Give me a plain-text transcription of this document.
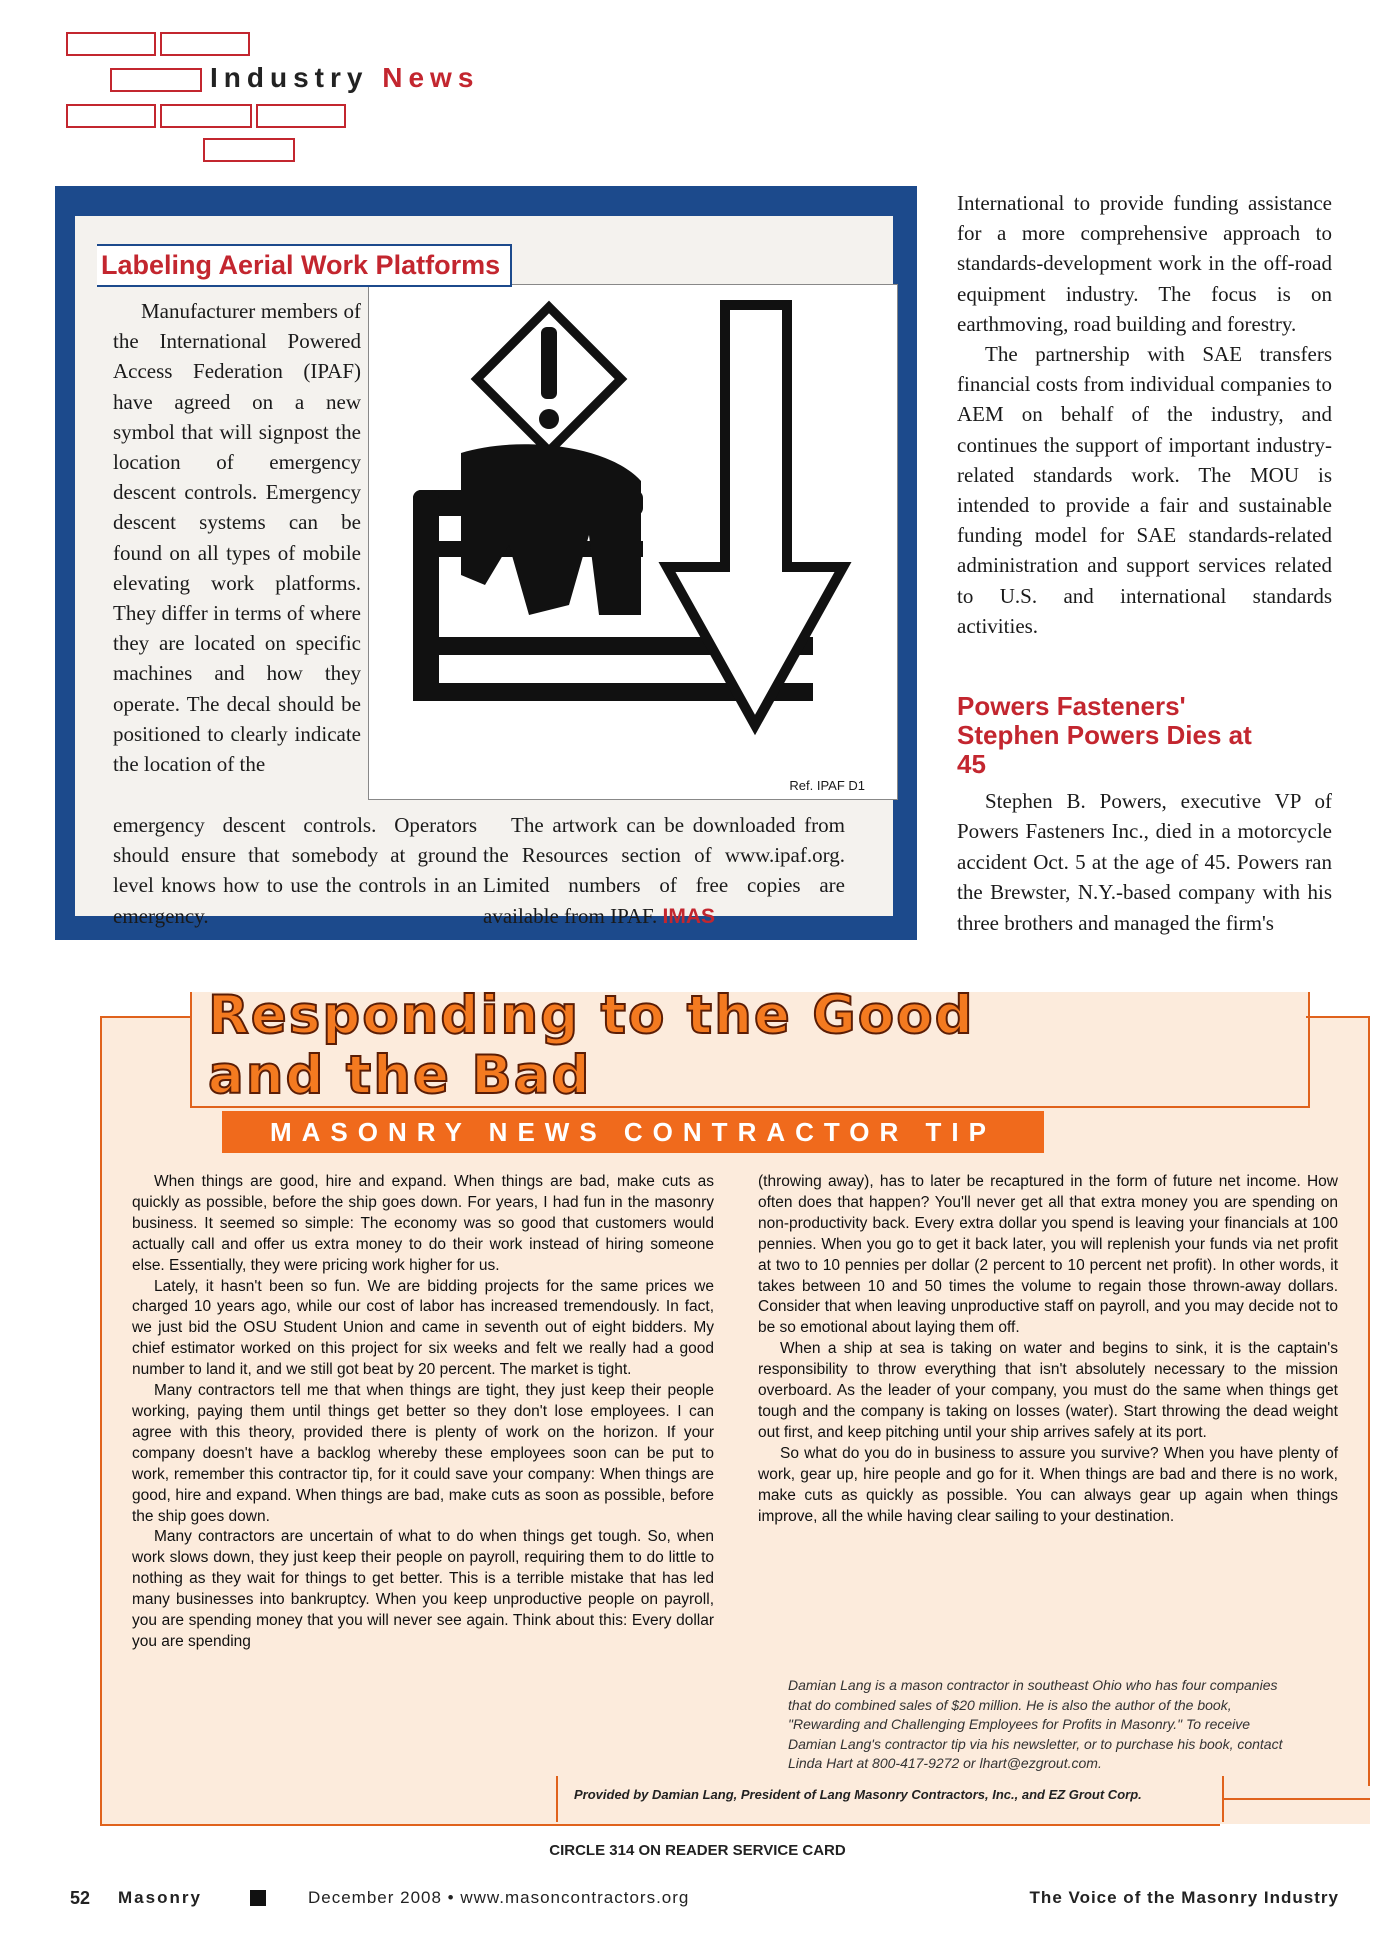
Industry News
Ref. IPAF D1
Labeling Aerial Work Platforms
Manufacturer members of the International Powered Access Federation (IPAF) have agreed on a new symbol that will signpost the location of emergency descent controls. Emergency descent systems can be found on all types of mobile elevating work platforms. They differ in terms of where they are located on specific machines and how they operate. The decal should be positioned to clearly indicate the location of the
emergency descent controls. Operators should ensure that somebody at ground level knows how to use the controls in an emergency.
The artwork can be downloaded from the Resources section of www.ipaf.org. Limited numbers of free copies are available from IPAF. IMAS

International to provide funding assistance for a more comprehensive approach to standards-development work in the off-road equipment industry. The focus is on earthmoving, road building and forestry.

The partnership with SAE transfers financial costs from individual companies to AEM on behalf of the industry, and continues the support of important industry-related standards work. The MOU is intended to provide a fair and sustainable funding model for SAE standards-related administration and support services related to U.S. and international standards activities.

Powers Fasteners' Stephen Powers Dies at 45
Stephen B. Powers, executive VP of Powers Fasteners Inc., died in a motorcycle accident Oct. 5 at the age of 45. Powers ran the Brewster, N.Y.-based company with his three brothers and managed the firm's
Responding to the Good
and the Bad
MASONRY NEWS CONTRACTOR TIP

When things are good, hire and expand. When things are bad, make cuts as quickly as possible, before the ship goes down. For years, I had fun in the masonry business. It seemed so simple: The economy was so good that customers would actually call and offer us extra money to do their work instead of hiring someone else. Essentially, they were pricing work higher for us.

Lately, it hasn't been so fun. We are bidding projects for the same prices we charged 10 years ago, while our cost of labor has increased tremendously. In fact, we just bid the OSU Student Union and came in seventh out of eight bidders. My chief estimator worked on this project for six weeks and felt we really had a good number to land it, and we still got beat by 20 percent. The market is tight.

Many contractors tell me that when things are tight, they just keep their people working, paying them until things get better so they don't lose employees. I can agree with this theory, provided there is plenty of work on the horizon. If your company doesn't have a backlog whereby these employees soon can be put to work, remember this contractor tip, for it could save your company: When things are good, hire and expand. When things are bad, make cuts as soon as possible, before the ship goes down.

Many contractors are uncertain of what to do when things get tough. So, when work slows down, they just keep their people on payroll, requiring them to do little to nothing as they wait for things to get better. This is a terrible mistake that has led many businesses into bankruptcy. When you keep unproductive people on payroll, you are spending money that you will never see again. Think about this: Every dollar you are spending

(throwing away), has to later be recaptured in the form of future net income. How often does that happen? You'll never get all that extra money you are spending on non-productivity back. Every extra dollar you spend is leaving your financials at 100 pennies. When you go to get it back later, you will replenish your funds via net profit at two to 10 pennies per dollar (2 percent to 10 percent net profit). In other words, it takes between 10 and 50 times the volume to regain those thrown-away dollars. Consider that when leaving unproductive staff on payroll, and you may decide not to be so emotional about laying them off.

When a ship at sea is taking on water and begins to sink, it is the captain's responsibility to throw everything that isn't absolutely necessary to the mission overboard. As the leader of your company, you must do the same when things get tough and the company is taking on losses (water). Start throwing the dead weight out first, and keep pitching until your ship arrives safely at its port.

So what do you do in business to assure you survive? When you have plenty of work, gear up, hire people and go for it. When things are bad and there is no work, make cuts as quickly as possible. You can always gear up again when things improve, all the while having clear sailing to your destination.

Damian Lang is a mason contractor in southeast Ohio who has four companies that do combined sales of $20 million. He is also the author of the book, "Rewarding and Challenging Employees for Profits in Masonry." To receive Damian Lang's contractor tip via his newsletter, or to purchase his book, contact Linda Hart at 800-417-9272 or lhart@ezgrout.com.
Provided by Damian Lang, President of Lang Masonry Contractors, Inc., and EZ Grout Corp.
CIRCLE 314 ON READER SERVICE CARD
52 Masonry	December 2008 • www.masoncontractors.org	The Voice of the Masonry Industry
